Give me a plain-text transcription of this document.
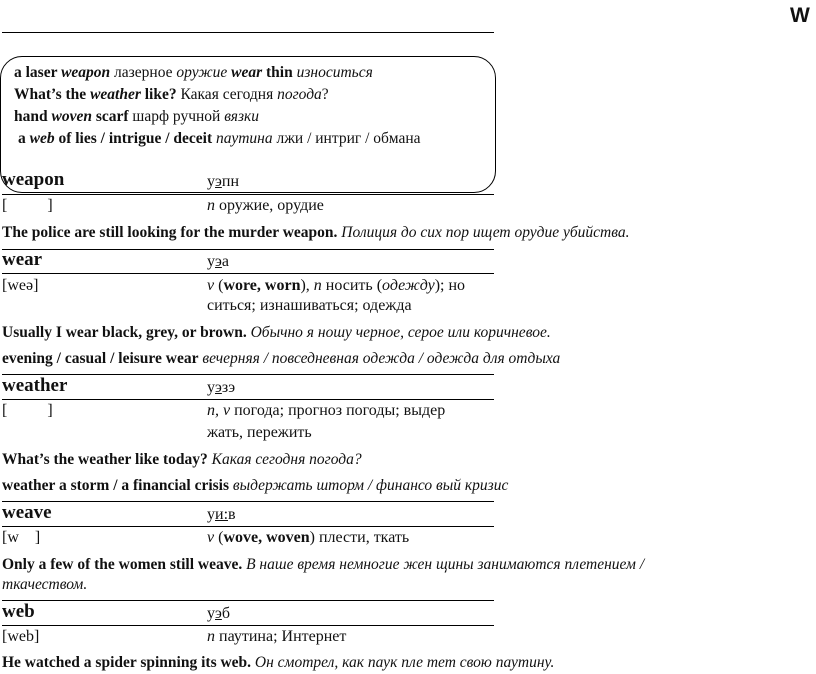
W
a laser weapon лазерное оружие wear thin износиться
What’s the weather like? Какая сегодня погода?
hand woven scarf шарф ручной вязки
a web of lies / intrigue / deceit паутина лжи / интриг / обмана
weapon	уэпн
[          ]	n оружие, орудие
The police are still looking for the murder weapon. Полиция до сих пор ищет орудие убийства.
wear	уэа
[weə]	v (wore, worn), n носить (одежду); но
ситься; изнашиваться; одежда
Usually I wear black, grey, or brown. Обычно я ношу черное, серое или коричневое.
evening / casual / leisure wear вечерняя / повседневная одежда / одежда для отдыха
weather	уэзэ
[          ]	n, v погода; прогноз погоды; выдер
жать, пережить
What’s the weather like today? Какая сегодня погода?
weather a storm / a financial crisis выдержать шторм / финансо вый кризис
weave	уи:в
[w    ]	v (wove, woven) плести, ткать
Only a few of the women still weave. В наше время немногие жен щины занимаются плетением /
ткачеством.
web	уэб
[web]	n паутина; Интернет
He watched a spider spinning its web. Он смотрел, как паук пле тет свою паутину.
